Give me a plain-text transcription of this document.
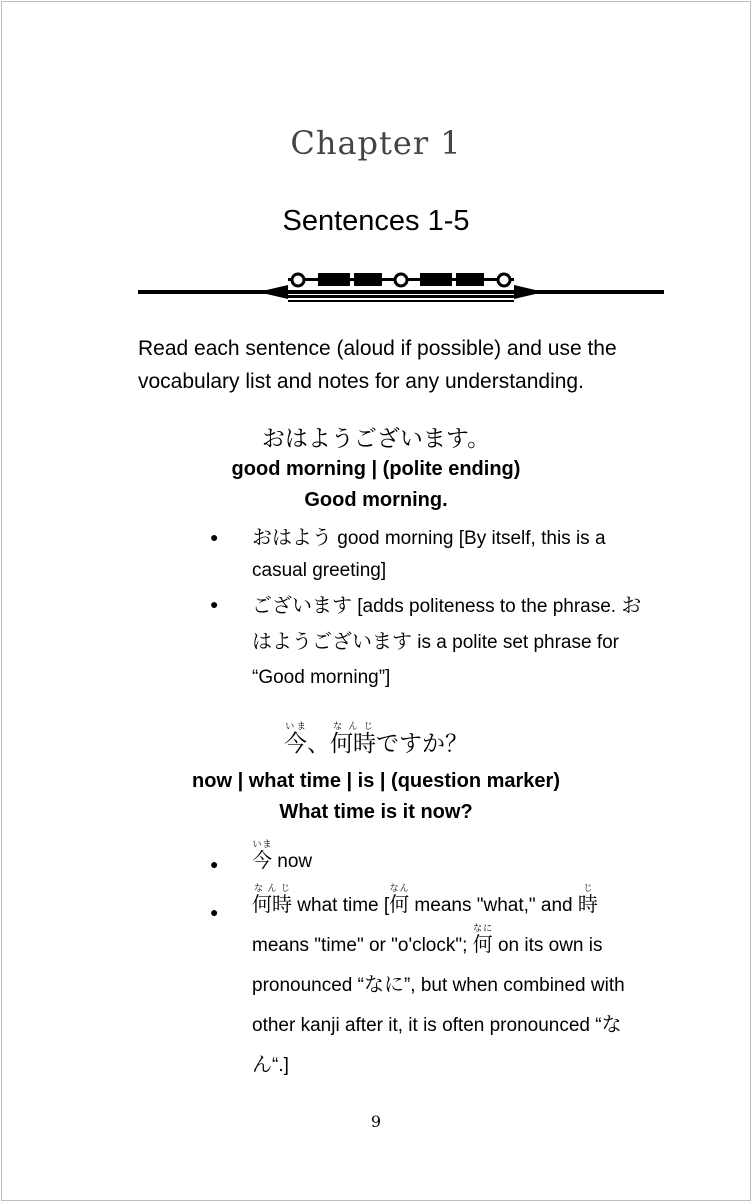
Chapter 1
Sentences 1-5
Read each sentence (aloud if possible) and use the vocabulary list and notes for any understanding.
おはようございます。
good morning | (polite ending)
Good morning.
● おはよう good morning [By itself, this is a casual greeting]
● ございます [adds politeness to the phrase. おはようございます is a polite set phrase for “Good morning”]
今いま、何時なんじですか？
now | what time | is | (question marker)
What time is it now?
● 今いま now
● 何時なんじ what time [何なん means "what," and 時じ means "time" or "o'clock"; 何なに on its own is pronounced “なに”, but when combined with other kanji after it, it is often pronounced “なん“.]
9
